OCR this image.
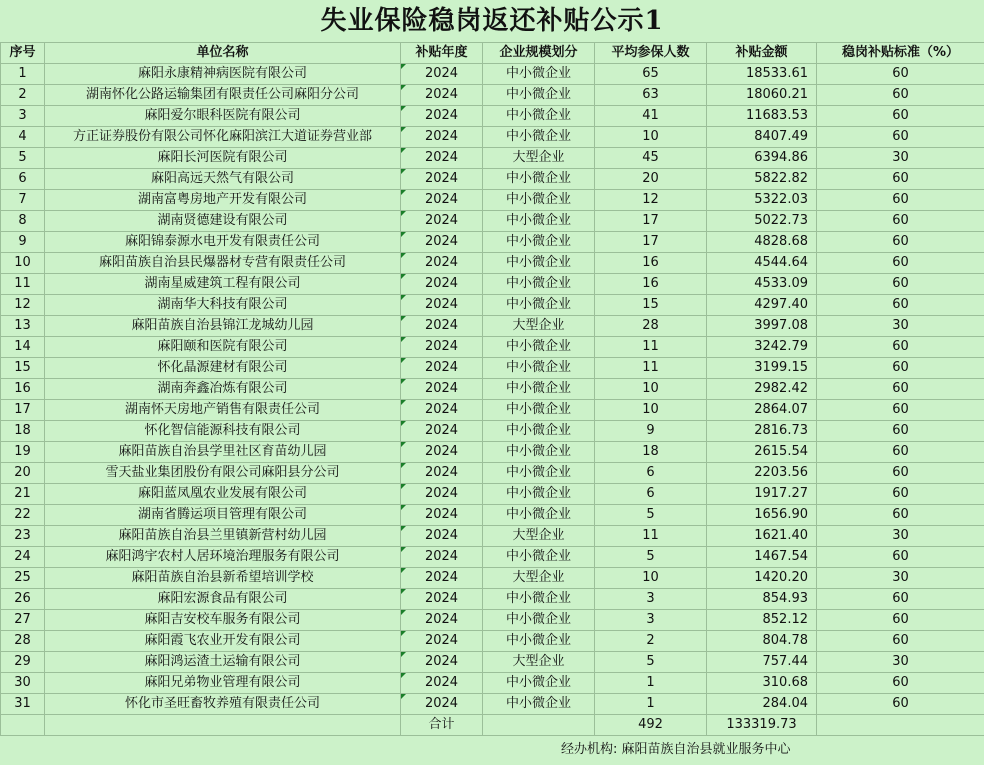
失业保险稳岗返还补贴公示1
序号	单位名称	补贴年度	企业规模划分	平均参保人数	补贴金额	稳岗补贴标准（%）
1	麻阳永康精神病医院有限公司	2024	中小微企业	65	18533.61	60
2	湖南怀化公路运输集团有限责任公司麻阳分公司	2024	中小微企业	63	18060.21	60
3	麻阳爱尔眼科医院有限公司	2024	中小微企业	41	11683.53	60
4	方正证券股份有限公司怀化麻阳滨江大道证券营业部	2024	中小微企业	10	8407.49	60
5	麻阳长河医院有限公司	2024	大型企业	45	6394.86	30
6	麻阳高远天然气有限公司	2024	中小微企业	20	5822.82	60
7	湖南富粤房地产开发有限公司	2024	中小微企业	12	5322.03	60
8	湖南贤德建设有限公司	2024	中小微企业	17	5022.73	60
9	麻阳锦泰源水电开发有限责任公司	2024	中小微企业	17	4828.68	60
10	麻阳苗族自治县民爆器材专营有限责任公司	2024	中小微企业	16	4544.64	60
11	湖南星威建筑工程有限公司	2024	中小微企业	16	4533.09	60
12	湖南华大科技有限公司	2024	中小微企业	15	4297.40	60
13	麻阳苗族自治县锦江龙城幼儿园	2024	大型企业	28	3997.08	30
14	麻阳颐和医院有限公司	2024	中小微企业	11	3242.79	60
15	怀化晶源建材有限公司	2024	中小微企业	11	3199.15	60
16	湖南奔鑫冶炼有限公司	2024	中小微企业	10	2982.42	60
17	湖南怀天房地产销售有限责任公司	2024	中小微企业	10	2864.07	60
18	怀化智信能源科技有限公司	2024	中小微企业	9	2816.73	60
19	麻阳苗族自治县学里社区育苗幼儿园	2024	中小微企业	18	2615.54	60
20	雪天盐业集团股份有限公司麻阳县分公司	2024	中小微企业	6	2203.56	60
21	麻阳蓝凤凰农业发展有限公司	2024	中小微企业	6	1917.27	60
22	湖南省腾运项目管理有限公司	2024	中小微企业	5	1656.90	60
23	麻阳苗族自治县兰里镇新营村幼儿园	2024	大型企业	11	1621.40	30
24	麻阳鸿宇农村人居环境治理服务有限公司	2024	中小微企业	5	1467.54	60
25	麻阳苗族自治县新希望培训学校	2024	大型企业	10	1420.20	30
26	麻阳宏源食品有限公司	2024	中小微企业	3	854.93	60
27	麻阳吉安校车服务有限公司	2024	中小微企业	3	852.12	60
28	麻阳霞飞农业开发有限公司	2024	中小微企业	2	804.78	60
29	麻阳鸿运渣土运输有限公司	2024	大型企业	5	757.44	30
30	麻阳兄弟物业管理有限公司	2024	中小微企业	1	310.68	60
31	怀化市圣旺畜牧养殖有限责任公司	2024	中小微企业	1	284.04	60
		合计		492	133319.73	
经办机构: 麻阳苗族自治县就业服务中心
